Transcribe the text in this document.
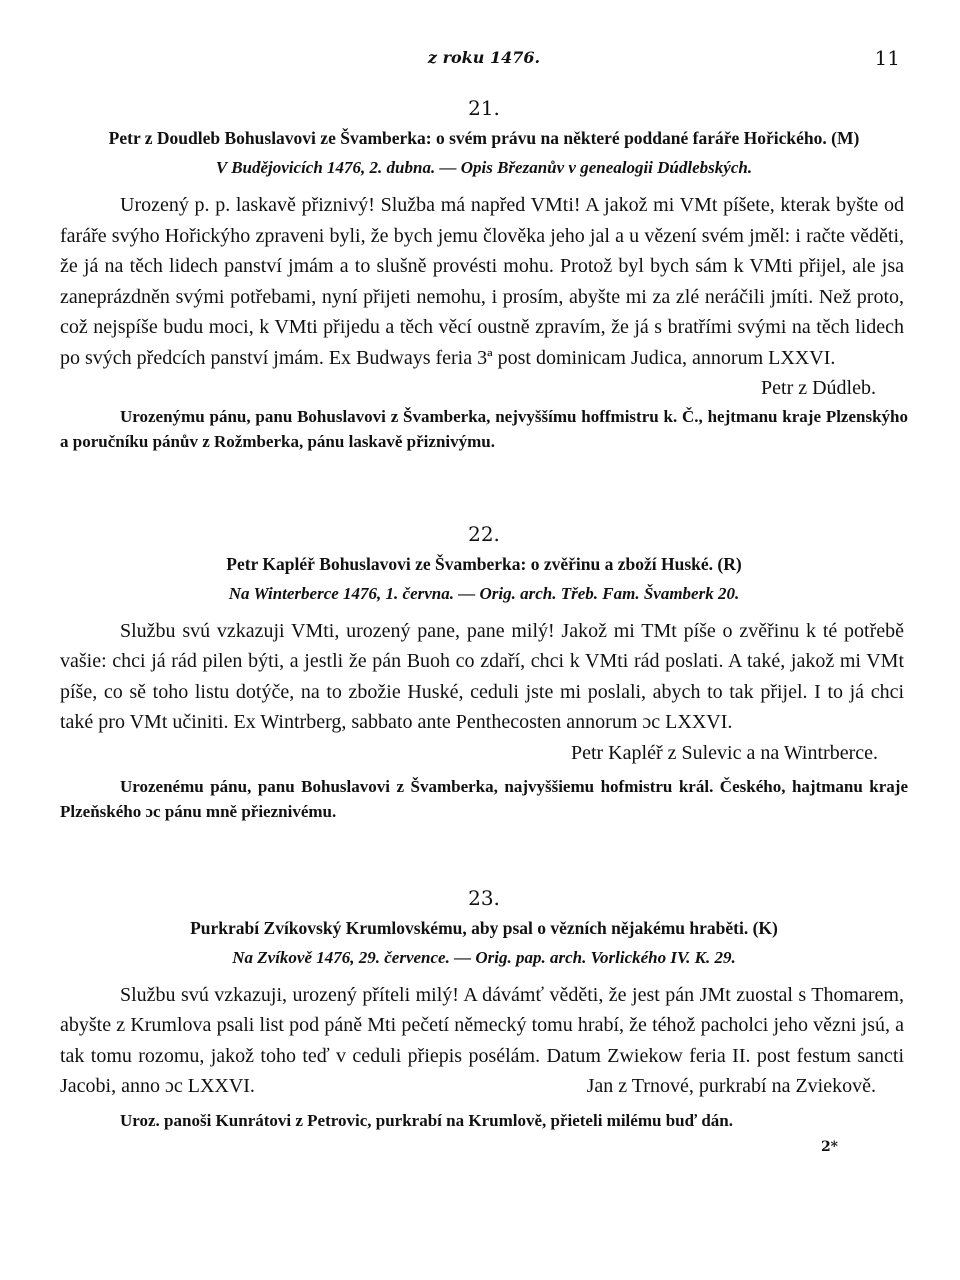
z roku 1476.	11
21.
Petr z Doudleb Bohuslavovi ze Švamberka: o svém právu na některé poddané faráře Hořického. (M)
V Budějovicích 1476, 2. dubna. — Opis Březanův v genealogii Dúdlebských.

Urozený p. p. laskavě přiznivý! Služba má napřed VMti! A jakož mi VMt píšete, kterak byšte od faráře svýho Hořickýho zpraveni byli, že bych jemu člověka jeho jal a u vězení svém jměl: i račte věděti, že já na těch lidech panství jmám a to slušně provésti mohu. Protož byl bych sám k VMti přijel, ale jsa zaneprázdněn svými potřebami, nyní přijeti nemohu, i prosím, abyšte mi za zlé neráčili jmíti. Než proto, což nejspíše budu moci, k VMti přijedu a těch věcí oustně zpravím, že já s bratřími svými na těch lidech po svých předcích panství jmám. Ex Budways feria 3ª post dominicam Judica, annorum LXXVI.
Petr z Dúdleb.

Urozenýmu pánu, panu Bohuslavovi z Švamberka, nejvyššímu hoffmistru k. Č., hejtmanu kraje Plzenskýho a poručníku pánův z Rožmberka, pánu laskavě přiznivýmu.

22.
Petr Kapléř Bohuslavovi ze Švamberka: o zvěřinu a zboží Huské. (R)
Na Winterberce 1476, 1. června. — Orig. arch. Třeb. Fam. Švamberk 20.

Službu svú vzkazuji VMti, urozený pane, pane milý! Jakož mi TMt píše o zvěřinu k té potřebě vašie: chci já rád pilen býti, a jestli že pán Buoh co zdaří, chci k VMti rád poslati. A také, jakož mi VMt píše, co sě toho listu dotýče, na to zbožie Huské, ceduli jste mi poslali, abych to tak přijel. I to já chci také pro VMt učiniti. Ex Wintrberg, sabbato ante Penthecosten annorum ɔc LXXVI.

Petr Kapléř z Sulevic a na Wintrberce.

Urozenému pánu, panu Bohuslavovi z Švamberka, najvyššiemu hofmistru král. Českého, hajtmanu kraje Plzeňského ɔc pánu mně přieznivému.

23.
Purkrabí Zvíkovský Krumlovskému, aby psal o vězních nějakému hraběti. (K)
Na Zvíkově 1476, 29. července. — Orig. pap. arch. Vorlického IV. K. 29.

Službu svú vzkazuji, urozený příteli milý! A dávámť věděti, že jest pán JMt zuostal s Thomarem, abyšte z Krumlova psali list pod páně Mti pečetí německý tomu hrabí, že téhož pacholci jeho vězni jsú, a tak tomu rozomu, jakož toho teď v ceduli přiepis posélám. Datum Zwiekow feria II. post festum sancti Jacobi, anno ɔc LXXVI.	Jan z Trnové, purkrabí na Zviekově.

Uroz. panoši Kunrátovi z Petrovic, purkrabí na Krumlově, přieteli milému buď dán.

2*
